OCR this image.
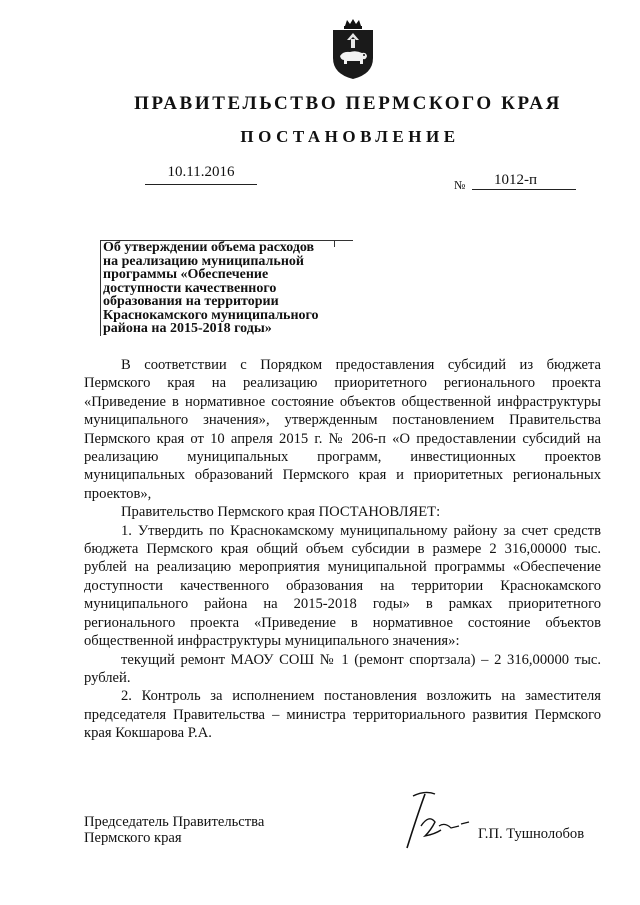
ПРАВИТЕЛЬСТВО ПЕРМСКОГО КРАЯ
ПОСТАНОВЛЕНИЕ
10.11.2016
№ 1012-п
Об утверждении объема расходов
на реализацию муниципальной
программы «Обеспечение
доступности качественного
образования на территории
Краснокамского муниципального
района на 2015-2018 годы»

В соответствии с Порядком предоставления субсидий из бюджета Пермского края на реализацию приоритетного регионального проекта «Приведение в нормативное состояние объектов общественной инфраструктуры муниципального значения», утвержденным постановлением Правительства Пермского края от 10 апреля 2015 г. № 206-п «О предоставлении субсидий на реализацию муниципальных программ, инвестиционных проектов муниципальных образований Пермского края и приоритетных региональных проектов»,

Правительство Пермского края ПОСТАНОВЛЯЕТ:

1. Утвердить по Краснокамскому муниципальному району за счет средств бюджета Пермского края общий объем субсидии в размере 2 316,00000 тыс. рублей на реализацию мероприятия муниципальной программы «Обеспечение доступности качественного образования на территории Краснокамского муниципального района на 2015-2018 годы» в рамках приоритетного регионального проекта «Приведение в нормативное состояние объектов общественной инфраструктуры муниципального значения»:

текущий ремонт МАОУ СОШ № 1 (ремонт спортзала) – 2 316,00000 тыс. рублей.

2. Контроль за исполнением постановления возложить на заместителя председателя Правительства – министра территориального развития Пермского края Кокшарова Р.А.

Председатель Правительства
Пермского края	Г.П. Тушнолобов
